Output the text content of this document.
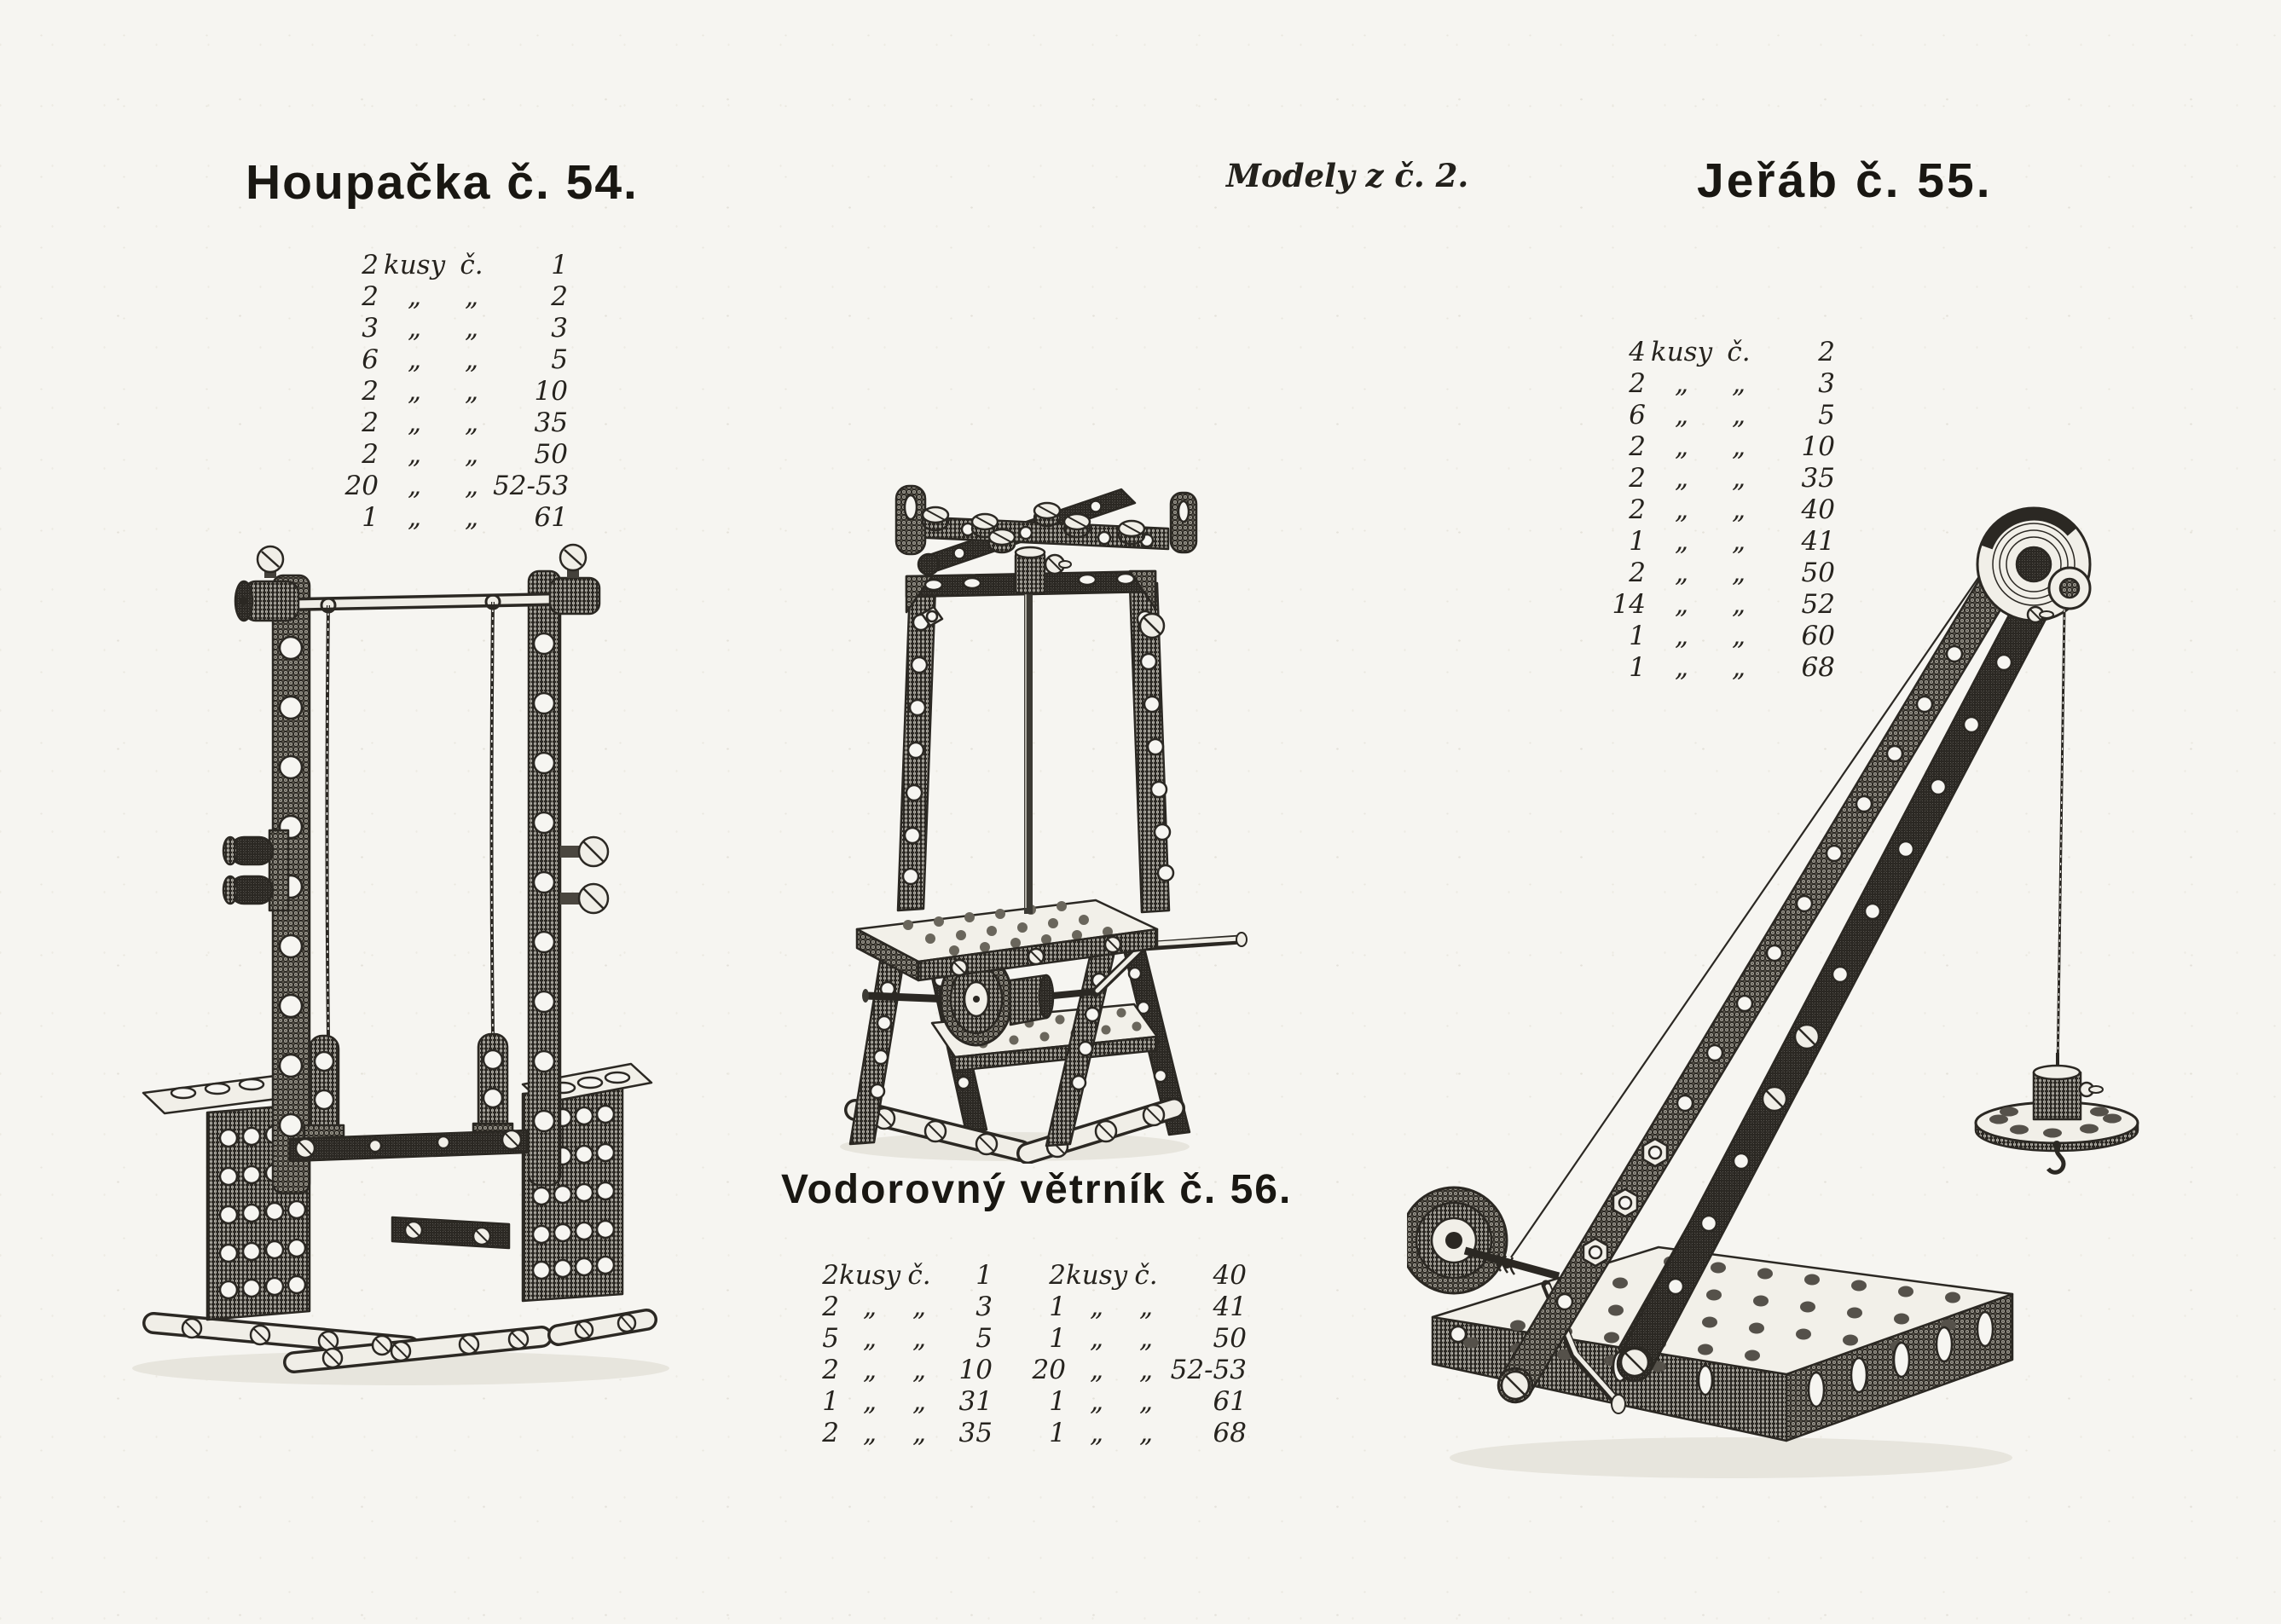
Houpačka č. 54.	Modely z č. 2.	Jeřáb č. 55.
Vodorovný větrník č. 56.
2 kusy č.	1
2	„	„	2
3	„	„	3
6	„	„	5
2	„	„	10
2	„	„	35
2	„	„	50
20	„	„ 52-53
1	„	„	61
4 kusy č.	2
2	„	„	3
6	„	„	5
2	„	„	10
2	„	„	35
2	„	„	40
1	„	„	41
2	„	„	50
14	„	„	52
1	„	„	60
1	„	„	68
2 kusy č.	1
2 „	„	3
5 „	„	5
2 „	„	10
1 „	„	31
2 „	„	35
2 kusy č.	40
1 „	„	41
1 „	„	50
20 „	„ 52-53
1 „	„	61
1 „	„	68
